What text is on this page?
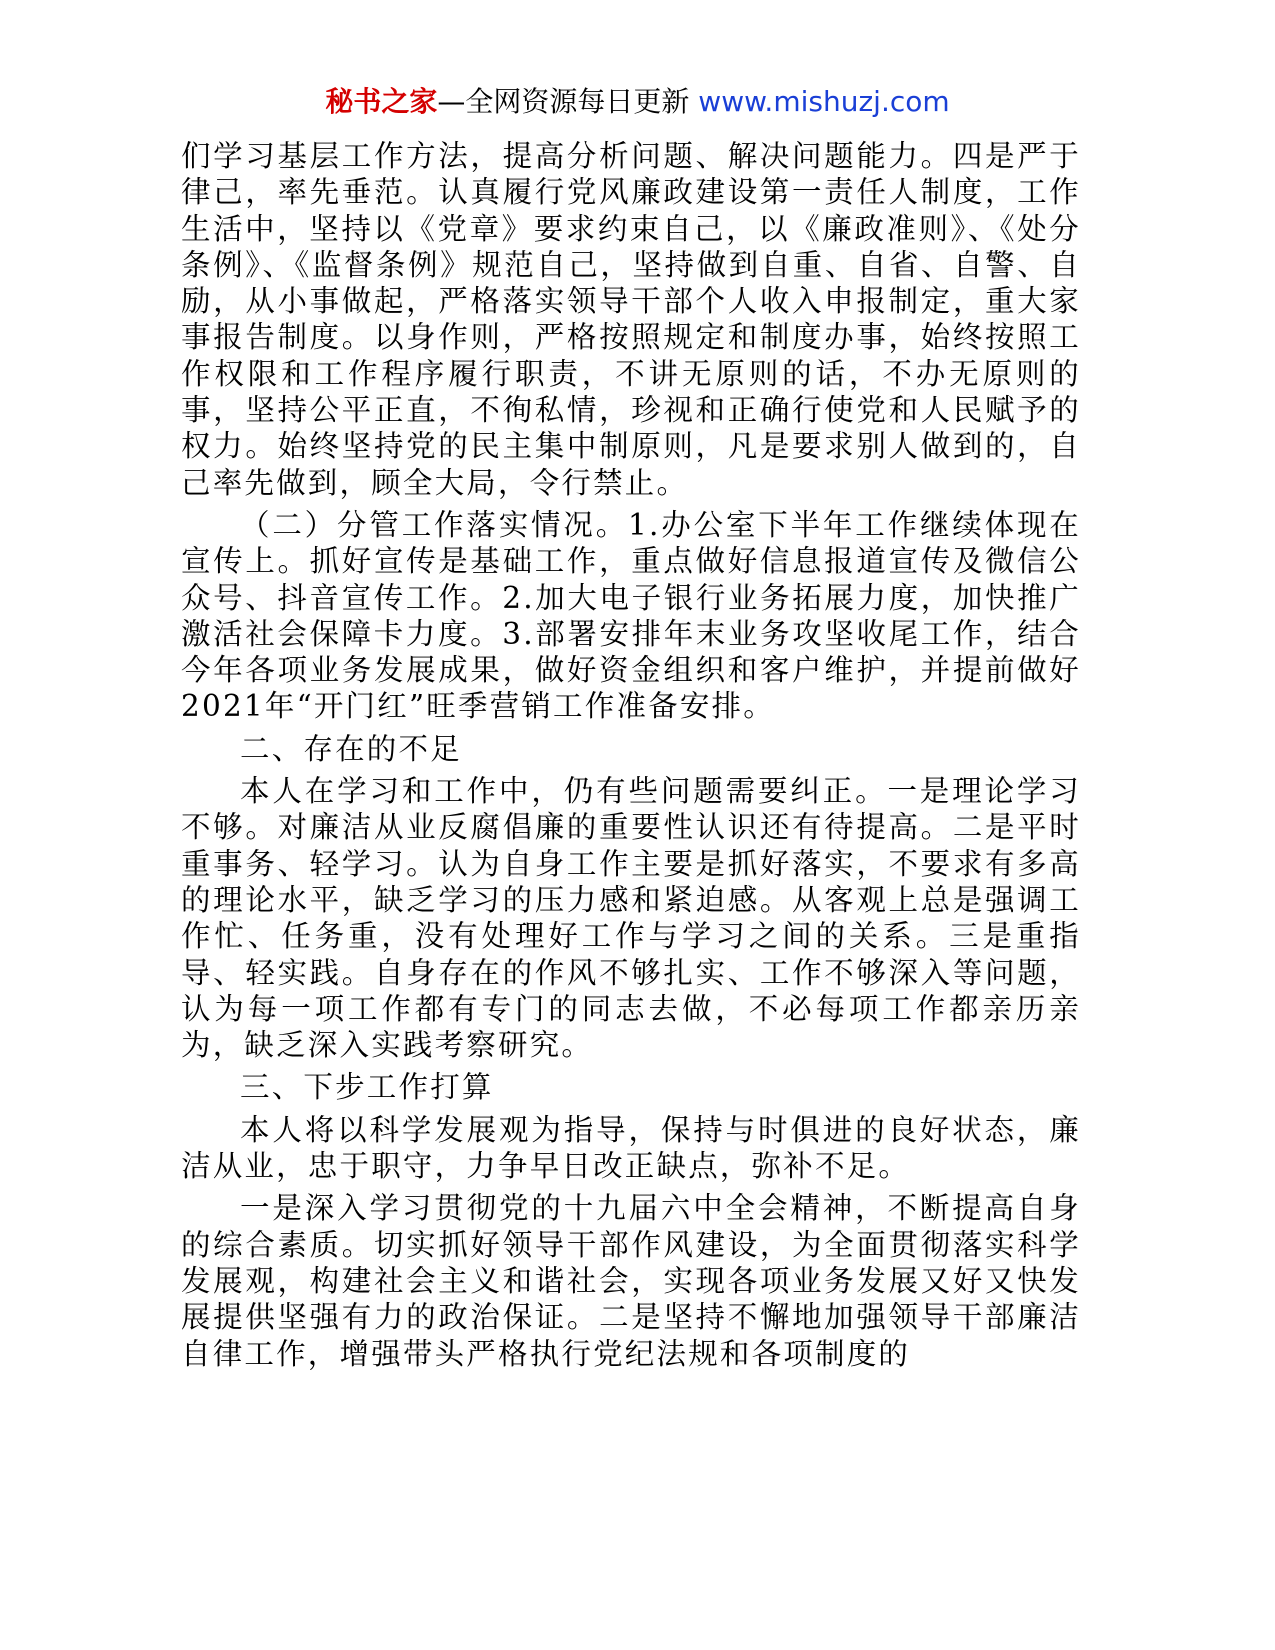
秘书之家—全网资源每日更新 www.mishuzj.com

们学习基层工作方法，提高分析问题、解决问题能力。四是严于律己，率先垂范。认真履行党风廉政建设第一责任人制度，工作生活中，坚持以《党章》要求约束自己，以《廉政准则》、《处分条例》、《监督条例》规范自己，坚持做到自重、自省、自警、自励，从小事做起，严格落实领导干部个人收入申报制定，重大家事报告制度。以身作则，严格按照规定和制度办事，始终按照工作权限和工作程序履行职责，不讲无原则的话，不办无原则的事，坚持公平正直，不徇私情，珍视和正确行使党和人民赋予的权力。始终坚持党的民主集中制原则，凡是要求别人做到的，自己率先做到，顾全大局，令行禁止。

（二）分管工作落实情况。1.办公室下半年工作继续体现在宣传上。抓好宣传是基础工作，重点做好信息报道宣传及微信公众号、抖音宣传工作。2.加大电子银行业务拓展力度，加快推广激活社会保障卡力度。3.部署安排年末业务攻坚收尾工作，结合今年各项业务发展成果，做好资金组织和客户维护，并提前做好2021年“开门红”旺季营销工作准备安排。

二、存在的不足

本人在学习和工作中，仍有些问题需要纠正。一是理论学习不够。对廉洁从业反腐倡廉的重要性认识还有待提高。二是平时重事务、轻学习。认为自身工作主要是抓好落实，不要求有多高的理论水平，缺乏学习的压力感和紧迫感。从客观上总是强调工作忙、任务重，没有处理好工作与学习之间的关系。三是重指导、轻实践。自身存在的作风不够扎实、工作不够深入等问题，认为每一项工作都有专门的同志去做，不必每项工作都亲历亲为，缺乏深入实践考察研究。

三、下步工作打算

本人将以科学发展观为指导，保持与时俱进的良好状态，廉洁从业，忠于职守，力争早日改正缺点，弥补不足。

一是深入学习贯彻党的十九届六中全会精神，不断提高自身的综合素质。切实抓好领导干部作风建设，为全面贯彻落实科学发展观，构建社会主义和谐社会，实现各项业务发展又好又快发展提供坚强有力的政治保证。二是坚持不懈地加强领导干部廉洁自律工作，增强带头严格执行党纪法规和各项制度的
